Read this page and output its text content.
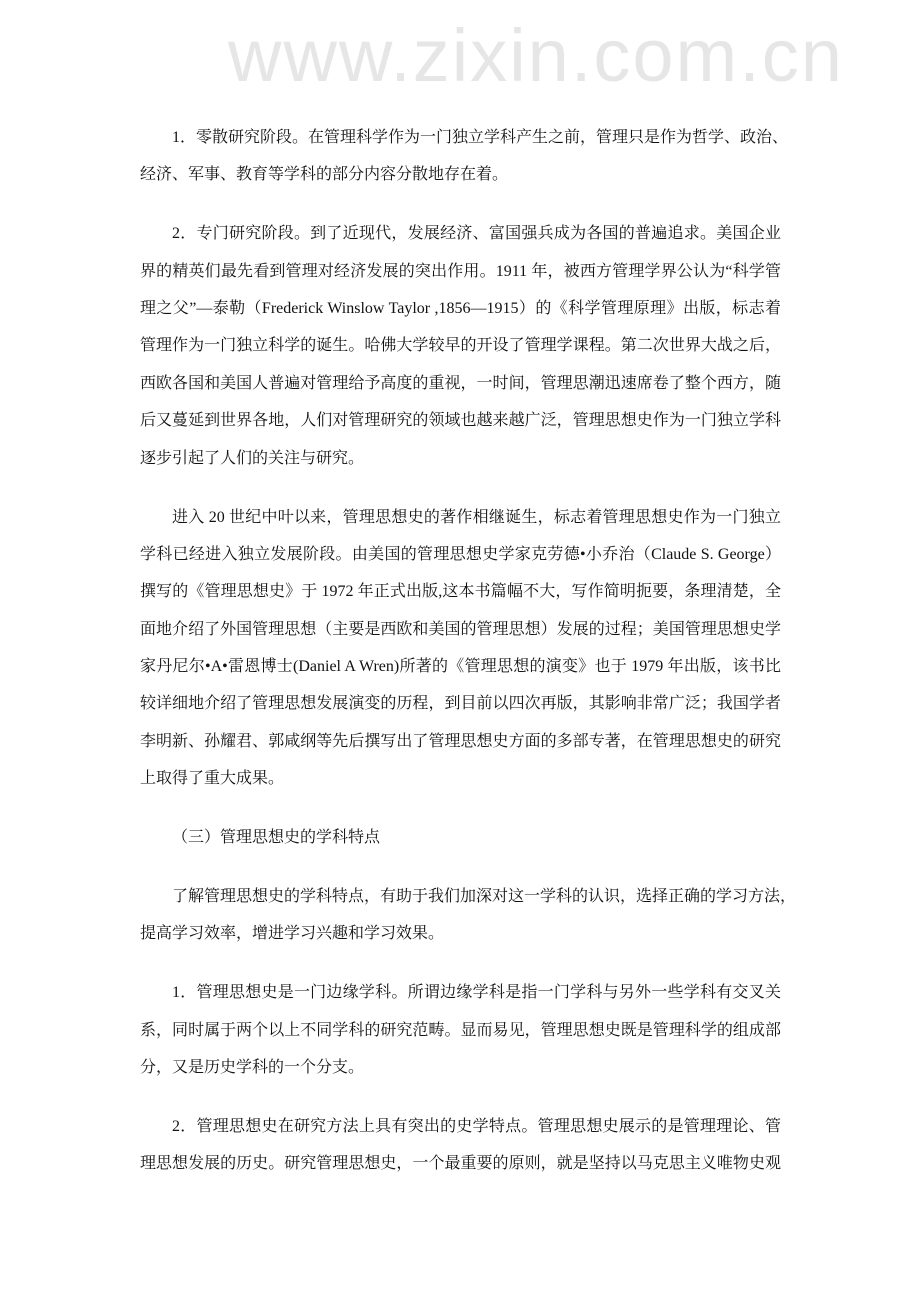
www.zixin.com.cn
1．零散研究阶段。在管理科学作为一门独立学科产生之前，管理只是作为哲学、政治、
经济、军事、教育等学科的部分内容分散地存在着。
2．专门研究阶段。到了近现代，发展经济、富国强兵成为各国的普遍追求。美国企业
界的精英们最先看到管理对经济发展的突出作用。1911 年，被西方管理学界公认为“科学管
理之父”—泰勒（Frederick Winslow Taylor ,1856—1915）的《科学管理原理》出版，标志着
管理作为一门独立科学的诞生。哈佛大学较早的开设了管理学课程。第二次世界大战之后，
西欧各国和美国人普遍对管理给予高度的重视，一时间，管理思潮迅速席卷了整个西方，随
后又蔓延到世界各地，人们对管理研究的领域也越来越广泛，管理思想史作为一门独立学科
逐步引起了人们的关注与研究。
进入 20 世纪中叶以来，管理思想史的著作相继诞生，标志着管理思想史作为一门独立
学科已经进入独立发展阶段。由美国的管理思想史学家克劳德•小乔治（Claude S. George）
撰写的《管理思想史》于 1972 年正式出版,这本书篇幅不大，写作简明扼要，条理清楚，全
面地介绍了外国管理思想（主要是西欧和美国的管理思想）发展的过程；美国管理思想史学
家丹尼尔•A•雷恩博士(Daniel A Wren)所著的《管理思想的演变》也于 1979 年出版，该书比
较详细地介绍了管理思想发展演变的历程，到目前以四次再版，其影响非常广泛；我国学者
李明新、孙耀君、郭咸纲等先后撰写出了管理思想史方面的多部专著，在管理思想史的研究
上取得了重大成果。
（三）管理思想史的学科特点
了解管理思想史的学科特点，有助于我们加深对这一学科的认识，选择正确的学习方法，
提高学习效率，增进学习兴趣和学习效果。
1．管理思想史是一门边缘学科。所谓边缘学科是指一门学科与另外一些学科有交叉关
系，同时属于两个以上不同学科的研究范畴。显而易见，管理思想史既是管理科学的组成部
分，又是历史学科的一个分支。
2．管理思想史在研究方法上具有突出的史学特点。管理思想史展示的是管理理论、管
理思想发展的历史。研究管理思想史，一个最重要的原则，就是坚持以马克思主义唯物史观
